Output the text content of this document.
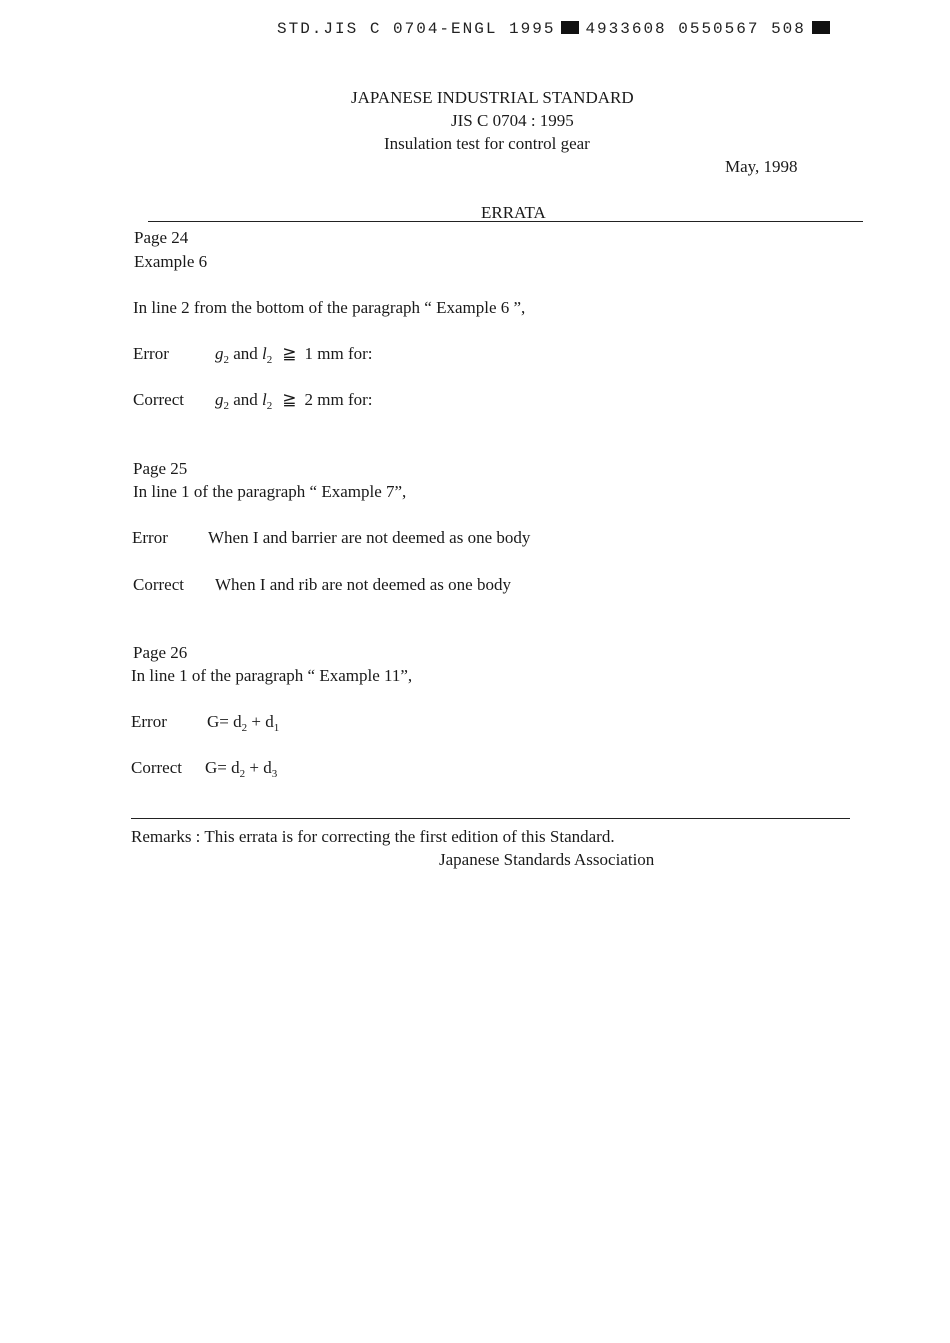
STD.JIS C 0704-ENGL 1995 4933608 0550567 508
JAPANESE INDUSTRIAL STANDARD
JIS C 0704 : 1995
Insulation test for control gear
May, 1998
ERRATA
Page 24
Example 6
In line 2 from the bottom of the paragraph “ Example 6 ”,
Error	$g_2$ and $l_2$ ≧ 1 mm for:
Correct $g_2$ and $l_2$ ≧ 2 mm for:
Page 25
In line 1 of the paragraph “ Example 7”,
Error When I and barrier are not deemed as one body
Correct When I and rib are not deemed as one body
Page 26
In line 1 of the paragraph “ Example 11”,
Error $G= d_2 + d_1$
Correct $G= d_2 + d_3$
Remarks : This errata is for correcting the first edition of this Standard.
Japanese Standards Association
